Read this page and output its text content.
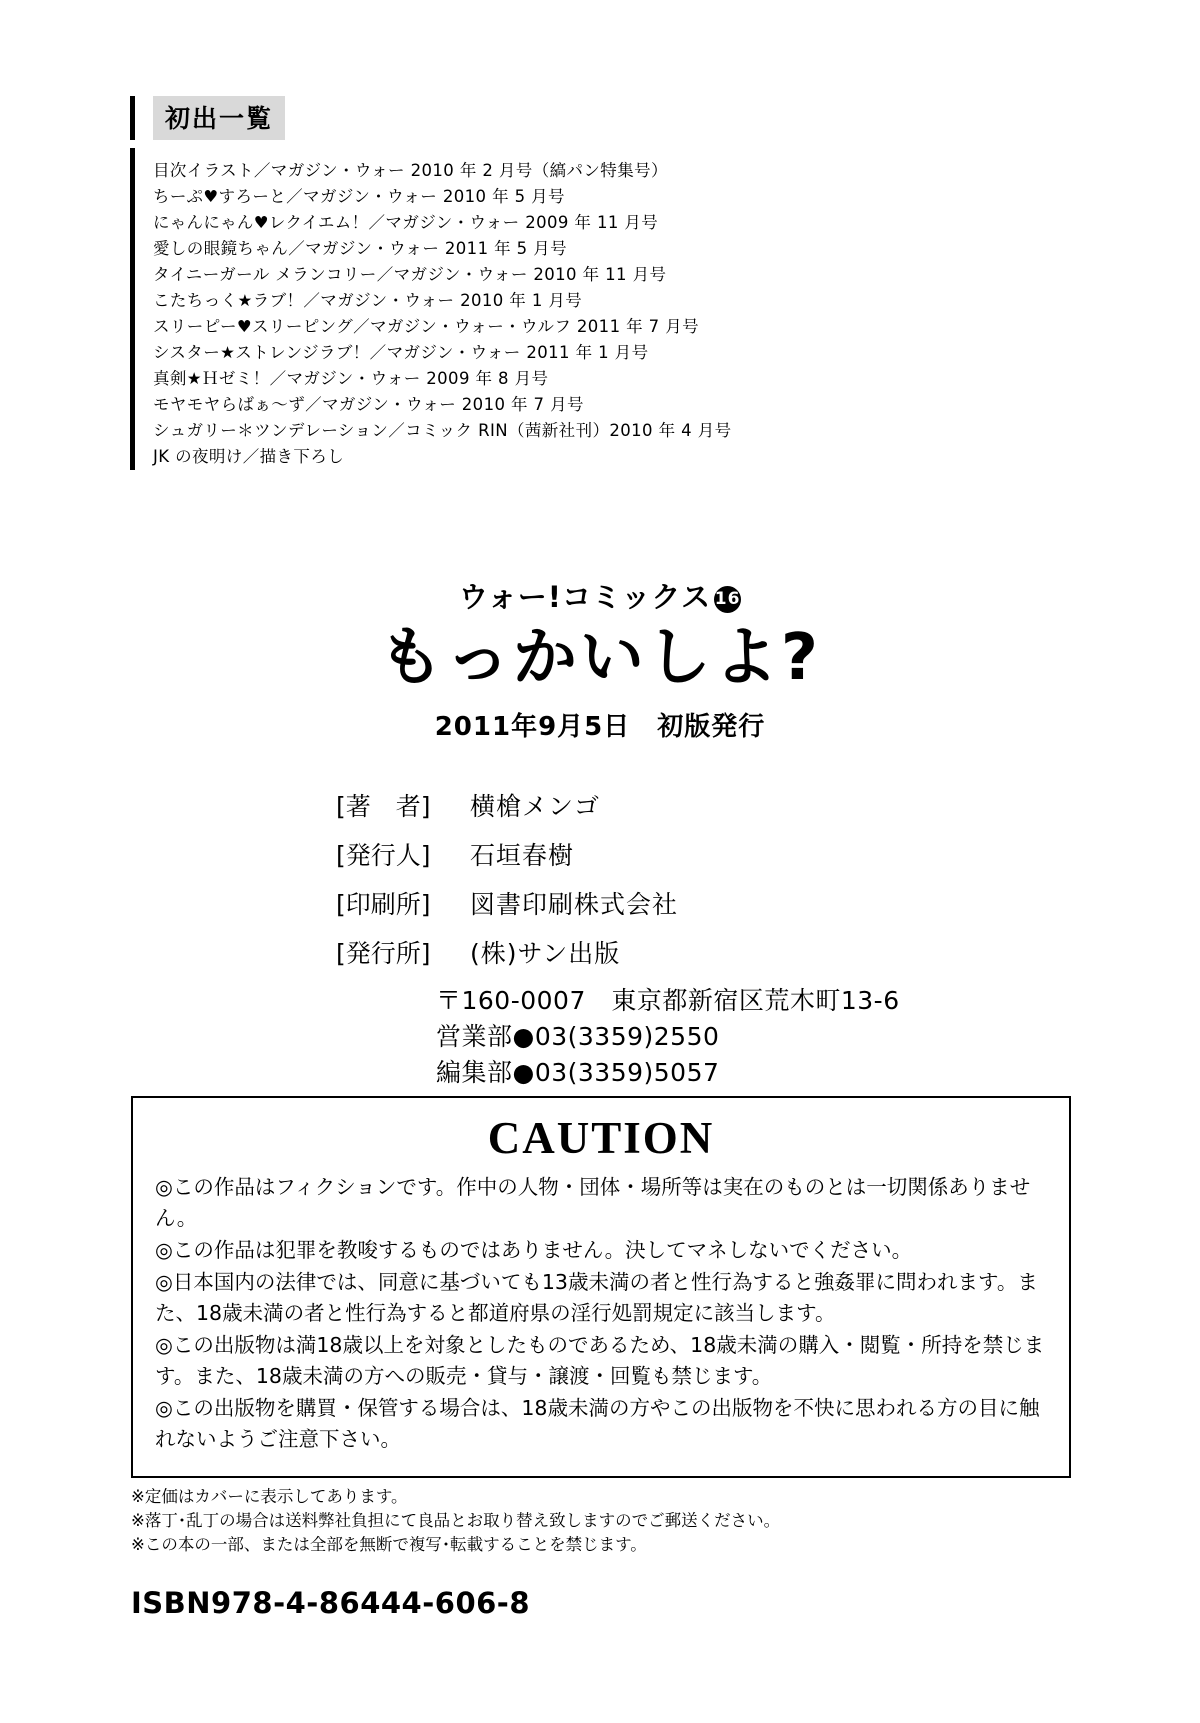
初出一覧
目次イラスト／マガジン・ウォー 2010 年 2 月号（縞パン特集号）
ちーぷ♥すろーと／マガジン・ウォー 2010 年 5 月号
にゃんにゃん♥レクイエム！／マガジン・ウォー 2009 年 11 月号
愛しの眼鏡ちゃん／マガジン・ウォー 2011 年 5 月号
タイニーガール メランコリー／マガジン・ウォー 2010 年 11 月号
こたちっく★ラブ！／マガジン・ウォー 2010 年 1 月号
スリーピー♥スリーピング／マガジン・ウォー・ウルフ 2011 年 7 月号
シスター★ストレンジラブ！／マガジン・ウォー 2011 年 1 月号
真剣★Ｈゼミ！／マガジン・ウォー 2009 年 8 月号
モヤモヤらばぁ～ず／マガジン・ウォー 2010 年 7 月号
シュガリー＊ツンデレーション／コミック RIN（茜新社刊）2010 年 4 月号
JK の夜明け／描き下ろし
ウォー!コミックス 16
もっかいしよ?
2011年9月5日　初版発行
[著　者]	横槍メンゴ
[発行人]	石垣春樹
[印刷所]	図書印刷株式会社
[発行所]	(株)サン出版
〒160-0007　東京都新宿区荒木町13-6
営業部●03(3359)2550
編集部●03(3359)5057
CAUTION
◎この作品はフィクションです。作中の人物・団体・場所等は実在のものとは一切関係ありません。
◎この作品は犯罪を教唆するものではありません。決してマネしないでください。
◎日本国内の法律では、同意に基づいても13歳未満の者と性行為すると強姦罪に問われます。また、18歳未満の者と性行為すると都道府県の淫行処罰規定に該当します。
◎この出版物は満18歳以上を対象としたものであるため、18歳未満の購入・閲覧・所持を禁じます。また、18歳未満の方への販売・貸与・譲渡・回覧も禁じます。
◎この出版物を購買・保管する場合は、18歳未満の方やこの出版物を不快に思われる方の目に触れないようご注意下さい。
※定価はカバーに表示してあります。
※落丁･乱丁の場合は送料弊社負担にて良品とお取り替え致しますのでご郵送ください。
※この本の一部、または全部を無断で複写･転載することを禁じます。
ISBN978-4-86444-606-8
